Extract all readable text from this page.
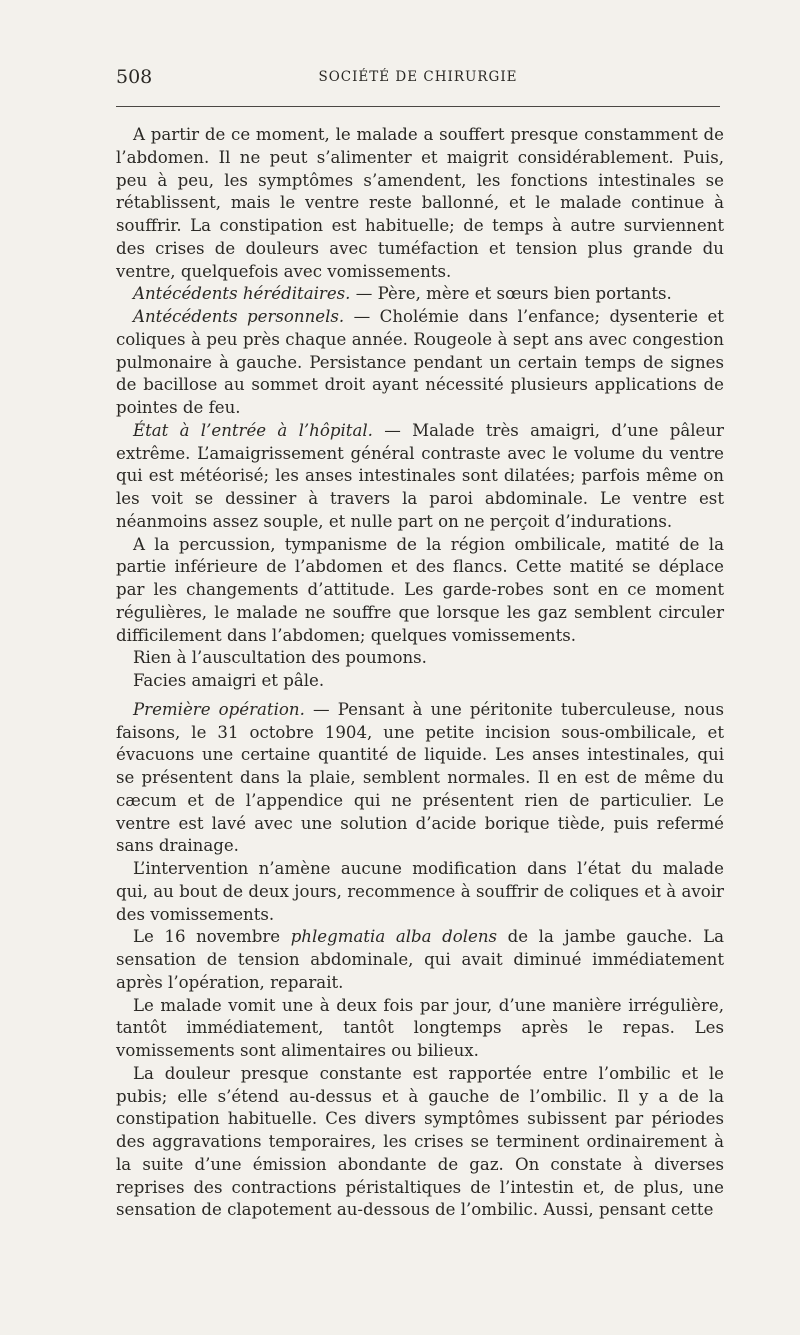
508	SOCIÉTÉ DE CHIRURGIE

A partir de ce moment, le malade a souffert presque constamment de l’abdomen. Il ne peut s’alimenter et maigrit considérablement. Puis, peu à peu, les symptômes s’amendent, les fonctions intestinales se rétablissent, mais le ventre reste ballonné, et le malade continue à souffrir. La constipation est habituelle; de temps à autre surviennent des crises de douleurs avec tuméfaction et tension plus grande du ventre, quelquefois avec vomissements.

Antécédents héréditaires. — Père, mère et sœurs bien portants.

Antécédents personnels. — Cholémie dans l’enfance; dysenterie et coliques à peu près chaque année. Rougeole à sept ans avec congestion pulmonaire à gauche. Persistance pendant un certain temps de signes de bacillose au sommet droit ayant nécessité plusieurs applications de pointes de feu.

État à l’entrée à l’hôpital. — Malade très amaigri, d’une pâleur extrême. L’amaigrissement général contraste avec le volume du ventre qui est météorisé; les anses intestinales sont dilatées; parfois même on les voit se dessiner à travers la paroi abdominale. Le ventre est néanmoins assez souple, et nulle part on ne perçoit d’indurations.

A la percussion, tympanisme de la région ombilicale, matité de la partie inférieure de l’abdomen et des flancs. Cette matité se déplace par les changements d’attitude. Les garde-robes sont en ce moment régulières, le malade ne souffre que lorsque les gaz semblent circuler difficilement dans l’abdomen; quelques vomissements.

Rien à l’auscultation des poumons.

Facies amaigri et pâle.

Première opération. — Pensant à une péritonite tuberculeuse, nous faisons, le 31 octobre 1904, une petite incision sous-ombilicale, et évacuons une certaine quantité de liquide. Les anses intestinales, qui se présentent dans la plaie, semblent normales. Il en est de même du cæcum et de l’appendice qui ne présentent rien de particulier. Le ventre est lavé avec une solution d’acide borique tiède, puis refermé sans drainage.

L’intervention n’amène aucune modification dans l’état du malade qui, au bout de deux jours, recommence à souffrir de coliques et à avoir des vomissements.

Le 16 novembre phlegmatia alba dolens de la jambe gauche. La sensation de tension abdominale, qui avait diminué immédiatement après l’opération, reparait.

Le malade vomit une à deux fois par jour, d’une manière irrégulière, tantôt immédiatement, tantôt longtemps après le repas. Les vomissements sont alimentaires ou bilieux.

La douleur presque constante est rapportée entre l’ombilic et le pubis; elle s’étend au-dessus et à gauche de l’ombilic. Il y a de la constipation habituelle. Ces divers symptômes subissent par périodes des aggravations temporaires, les crises se terminent ordinairement à la suite d’une émission abondante de gaz. On constate à diverses reprises des contractions péristaltiques de l’intestin et, de plus, une sensation de clapotement au-dessous de l’ombilic. Aussi, pensant cette
